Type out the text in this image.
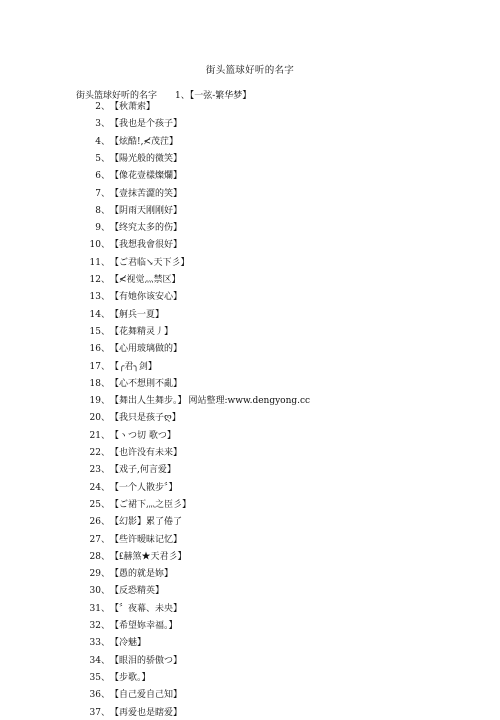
街头篮球好听的名字
街头篮球好听的名字 1、【一弦-繁华梦】
2、【秋萧索】
3、【我也是个孩子】
4、【炫酷!,≮茂茳】
5、【陽光般的微笑】
6、【像花壹樣燦爛】
7、【壹抹苦澀的笑】
8、【阴雨天刚刚好】
9、【终究太多的伤】
10、【我想我會很好】
11、【ご君临↘天下彡】
12、【≮视觉灬禁区】
13、【有她你该安心】
14、【舸兵一夏】
15、【花舞精灵丿】
16、【心用玻璃做的】
17、【╭君╮剑】
18、【心不想則不亂】
19、【舞出人生舞步。】 网站整理:www.dengyong.cc
20、【我只是孩子ღ】
21、【ヽつ切 歌つ】
22、【也许没有未来】
23、【戏子,何言爱】
24、【一个人散步〞】
25、【ご裙下灬之臣彡】
26、【幻影】累了倦了
27、【些许暧昧记忆】
28、【₤赫煞★天君彡】
29、【愚的就是妳】
30、【反恐精英】
31、【〞夜幕、未央】
32、【希望妳幸福。】
33、【冷魅】
34、【眼泪的骄傲つ】
35、【步歌。】
36、【自己爱自己知】
37、【再爱也是瞎爱】
